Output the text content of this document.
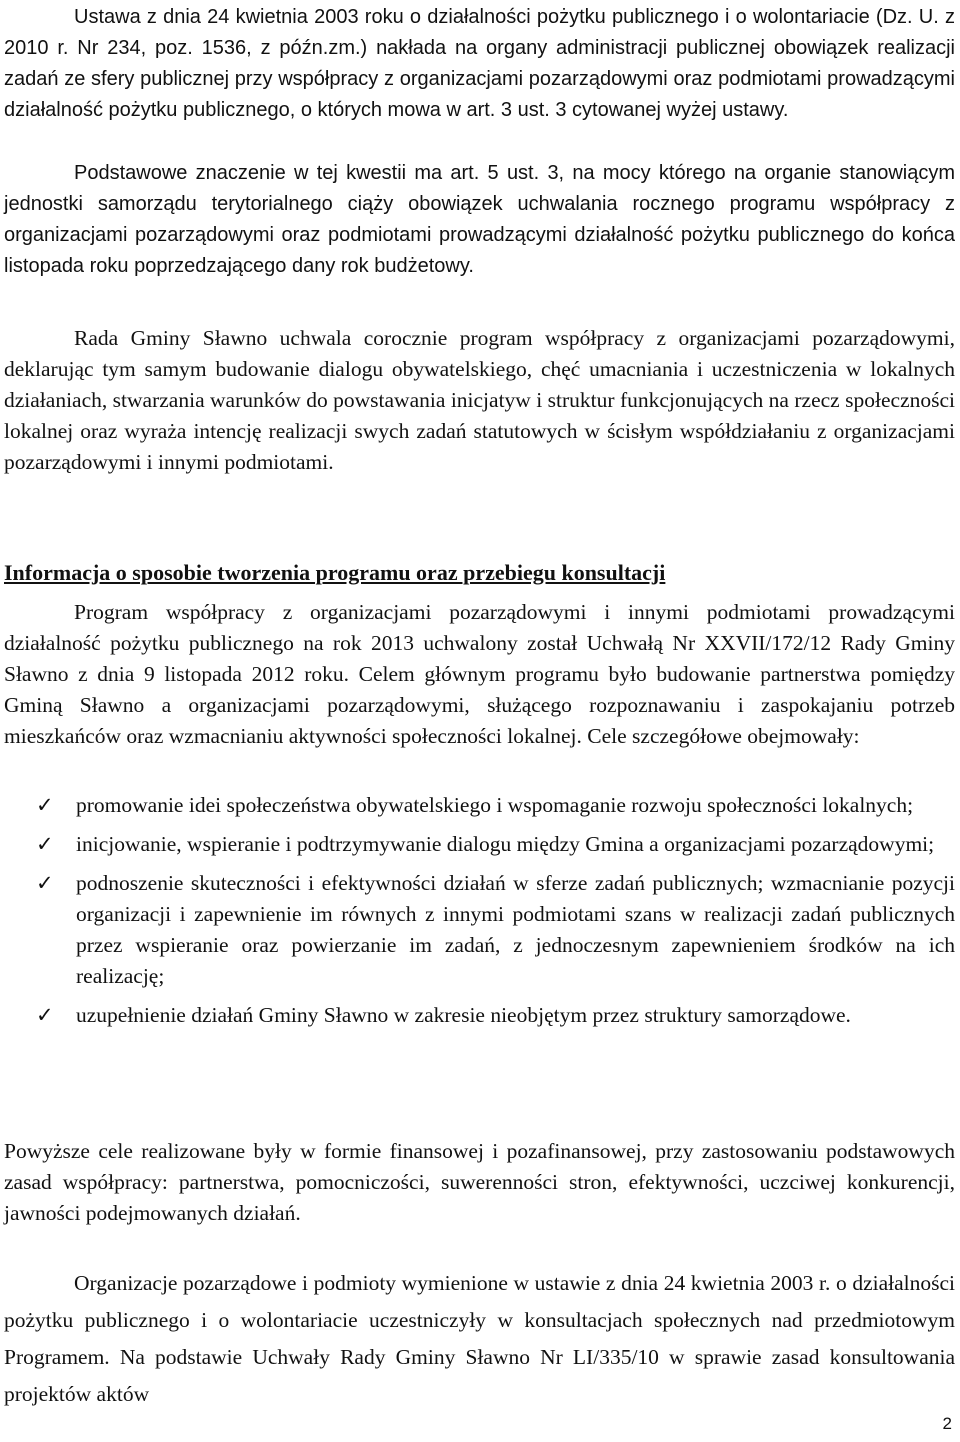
Ustawa z dnia 24 kwietnia 2003 roku o działalności pożytku publicznego i o wolontariacie (Dz. U. z 2010 r. Nr 234, poz. 1536, z późn.zm.) nakłada na organy administracji publicznej obowiązek realizacji zadań ze sfery publicznej przy współpracy z organizacjami pozarządowymi oraz podmiotami prowadzącymi działalność pożytku publicznego, o których mowa w art. 3 ust. 3 cytowanej wyżej ustawy.

Podstawowe znaczenie w tej kwestii ma art. 5 ust. 3, na mocy którego na organie stanowiącym jednostki samorządu terytorialnego ciąży obowiązek uchwalania rocznego programu współpracy z organizacjami pozarządowymi oraz podmiotami prowadzącymi działalność pożytku publicznego do końca listopada roku poprzedzającego dany rok budżetowy.

Rada Gminy Sławno uchwala corocznie program współpracy z organizacjami pozarządowymi, deklarując tym samym budowanie dialogu obywatelskiego, chęć umacniania i uczestniczenia w lokalnych działaniach, stwarzania warunków do powstawania inicjatyw i struktur funkcjonujących na rzecz społeczności lokalnej oraz wyraża intencję realizacji swych zadań statutowych w ścisłym współdziałaniu z organizacjami pozarządowymi i innymi podmiotami.

Informacja o sposobie tworzenia programu oraz przebiegu konsultacji

Program współpracy z organizacjami pozarządowymi i innymi podmiotami prowadzącymi działalność pożytku publicznego na rok 2013 uchwalony został Uchwałą Nr XXVII/172/12 Rady Gminy Sławno z dnia 9 listopada 2012 roku. Celem głównym programu było budowanie partnerstwa pomiędzy Gminą Sławno a organizacjami pozarządowymi, służącego rozpoznawaniu i zaspokajaniu potrzeb mieszkańców oraz wzmacnianiu aktywności społeczności lokalnej. Cele szczegółowe obejmowały:

✓ promowanie idei społeczeństwa obywatelskiego i wspomaganie rozwoju społeczności lokalnych;
✓ inicjowanie, wspieranie i podtrzymywanie dialogu między Gmina a organizacjami pozarządowymi;
✓ podnoszenie skuteczności i efektywności działań w sferze zadań publicznych; wzmacnianie pozycji organizacji i zapewnienie im równych z innymi podmiotami szans w realizacji zadań publicznych przez wspieranie oraz powierzanie im zadań, z jednoczesnym zapewnieniem środków na ich realizację;
✓ uzupełnienie działań Gminy Sławno w zakresie nieobjętym przez struktury samorządowe.

Powyższe cele realizowane były w formie finansowej i pozafinansowej, przy zastosowaniu podstawowych zasad współpracy: partnerstwa, pomocniczości, suwerenności stron, efektywności, uczciwej konkurencji, jawności podejmowanych działań.

Organizacje pozarządowe i podmioty wymienione w ustawie z dnia 24 kwietnia 2003 r. o działalności pożytku publicznego i o wolontariacie uczestniczyły w konsultacjach społecznych nad przedmiotowym Programem. Na podstawie Uchwały Rady Gminy Sławno Nr LI/335/10 w sprawie zasad konsultowania projektów aktów

2
